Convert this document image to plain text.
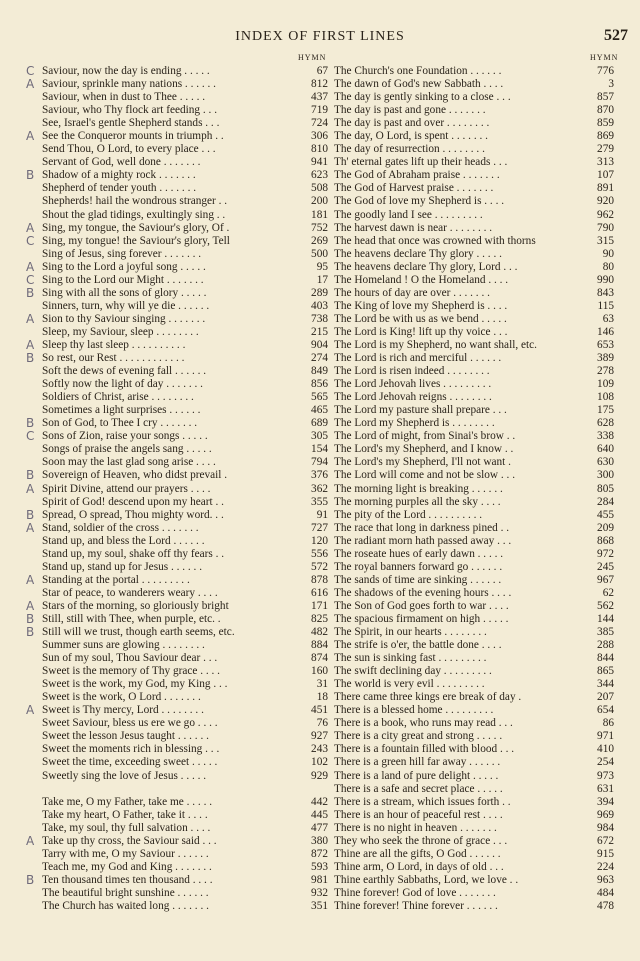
INDEX OF FIRST LINES	527
HYMN	HYMN
C Saviour, now the day is ending . . . . .	67
A Saviour, sprinkle many nations . . . . . .	812
Saviour, when in dust to Thee . . . . .	437
Saviour, who Thy flock art feeding . . .	719
See, Israel's gentle Shepherd stands . . .	724
A See the Conqueror mounts in triumph . .	306
Send Thou, O Lord, to every place . . .	810
Servant of God, well done . . . . . . .	941
B Shadow of a mighty rock . . . . . . .	623
Shepherd of tender youth . . . . . . .	508
Shepherds! hail the wondrous stranger . .	200
Shout the glad tidings, exultingly sing . .	181
A Sing, my tongue, the Saviour's glory, Of .	752
C Sing, my tongue! the Saviour's glory, Tell	269
Sing of Jesus, sing forever . . . . . . .	500
A Sing to the Lord a joyful song . . . . .	95
C Sing to the Lord our Might . . . . . . .	17
B Sing with all the sons of glory . . . . .	289
Sinners, turn, why will ye die . . . . . .	403
A Sion to thy Saviour singing . . . . . . .	738
Sleep, my Saviour, sleep . . . . . . . .	215
A Sleep thy last sleep . . . . . . . . . .	904
B So rest, our Rest . . . . . . . . . . . .	274
Soft the dews of evening fall . . . . . .	849
Softly now the light of day . . . . . . .	856
Soldiers of Christ, arise . . . . . . . .	565
Sometimes a light surprises . . . . . .	465
B Son of God, to Thee I cry . . . . . . .	689
C Sons of Zion, raise your songs . . . . .	305
Songs of praise the angels sang . . . . .	154
Soon may the last glad song arise . . . .	794
B Sovereign of Heaven, who didst prevail .	376
A Spirit Divine, attend our prayers . . . .	362
Spirit of God! descend upon my heart . .	355
B Spread, O spread, Thou mighty word. . .	91
A Stand, soldier of the cross . . . . . . .	727
Stand up, and bless the Lord . . . . . .	120
Stand up, my soul, shake off thy fears . .	556
Stand up, stand up for Jesus . . . . . .	572
A Standing at the portal . . . . . . . . .	878
Star of peace, to wanderers weary . . . .	616
A Stars of the morning, so gloriously bright	171
B Still, still with Thee, when purple, etc. .	825
B Still will we trust, though earth seems, etc.	482
Summer suns are glowing . . . . . . . .	884
Sun of my soul, Thou Saviour dear . . .	874
Sweet is the memory of Thy grace . . . .	160
Sweet is the work, my God, my King . . .	31
Sweet is the work, O Lord . . . . . . .	18
A Sweet is Thy mercy, Lord . . . . . . . .	451
Sweet Saviour, bless us ere we go . . . .	76
Sweet the lesson Jesus taught . . . . . .	927
Sweet the moments rich in blessing . . .	243
Sweet the time, exceeding sweet . . . . .	102
Sweetly sing the love of Jesus . . . . .	929
Take me, O my Father, take me . . . . .	442
Take my heart, O Father, take it . . . .	445
Take, my soul, thy full salvation . . . .	477
A Take up thy cross, the Saviour said . . .	380
Tarry with me, O my Saviour . . . . . .	872
Teach me, my God and King . . . . . . .	593
B Ten thousand times ten thousand . . . .	981
The beautiful bright sunshine . . . . . .	932
The Church has waited long . . . . . . .	351
The Church's one Foundation . . . . . .	776
The dawn of God's new Sabbath . . . .	3
The day is gently sinking to a close . . .	857
The day is past and gone . . . . . . .	870
The day is past and over . . . . . . . .	859
The day, O Lord, is spent . . . . . . .	869
The day of resurrection . . . . . . . .	279
Th' eternal gates lift up their heads . . .	313
The God of Abraham praise . . . . . . .	107
The God of Harvest praise . . . . . . .	891
The God of love my Shepherd is . . . .	920
The goodly land I see . . . . . . . . .	962
The harvest dawn is near . . . . . . . .	790
The head that once was crowned with thorns	315
The heavens declare Thy glory . . . . .	90
The heavens declare Thy glory, Lord . . .	80
The Homeland ! O the Homeland . . . .	990
The hours of day are over . . . . . . .	843
The King of love my Shepherd is . . . .	115
The Lord be with us as we bend . . . . .	63
The Lord is King! lift up thy voice . . .	146
The Lord is my Shepherd, no want shall, etc.	653
The Lord is rich and merciful . . . . . .	389
The Lord is risen indeed . . . . . . . .	278
The Lord Jehovah lives . . . . . . . . .	109
The Lord Jehovah reigns . . . . . . . .	108
The Lord my pasture shall prepare . . .	175
The Lord my Shepherd is . . . . . . . .	628
The Lord of might, from Sinai's brow . .	338
The Lord's my Shepherd, and I know . .	640
The Lord's my Shepherd, I'll not want .	630
The Lord will come and not be slow . . .	300
The morning light is breaking . . . . . .	805
The morning purples all the sky . . . .	284
The pity of the Lord . . . . . . . . . .	455
The race that long in darkness pined . .	209
The radiant morn hath passed away . . .	868
The roseate hues of early dawn . . . . .	972
The royal banners forward go . . . . . .	245
The sands of time are sinking . . . . . .	967
The shadows of the evening hours . . . .	62
The Son of God goes forth to war . . . .	562
The spacious firmament on high . . . . .	144
The Spirit, in our hearts . . . . . . . .	385
The strife is o'er, the battle done . . . .	288
The sun is sinking fast . . . . . . . . .	844
The swift declining day . . . . . . . . .	865
The world is very evil . . . . . . . . .	344
There came three kings ere break of day .	207
There is a blessed home . . . . . . . . .	654
There is a book, who runs may read . . .	86
There is a city great and strong . . . . .	971
There is a fountain filled with blood . . .	410
There is a green hill far away . . . . . .	254
There is a land of pure delight . . . . .	973
There is a safe and secret place . . . . .	631
There is a stream, which issues forth . .	394
There is an hour of peaceful rest . . . .	969
There is no night in heaven . . . . . . .	984
They who seek the throne of grace . . .	672
Thine are all the gifts, O God . . . . . .	915
Thine arm, O Lord, in days of old . . .	224
Thine earthly Sabbaths, Lord, we love . .	963
Thine forever! God of love . . . . . . .	484
Thine forever! Thine forever . . . . . .	478
